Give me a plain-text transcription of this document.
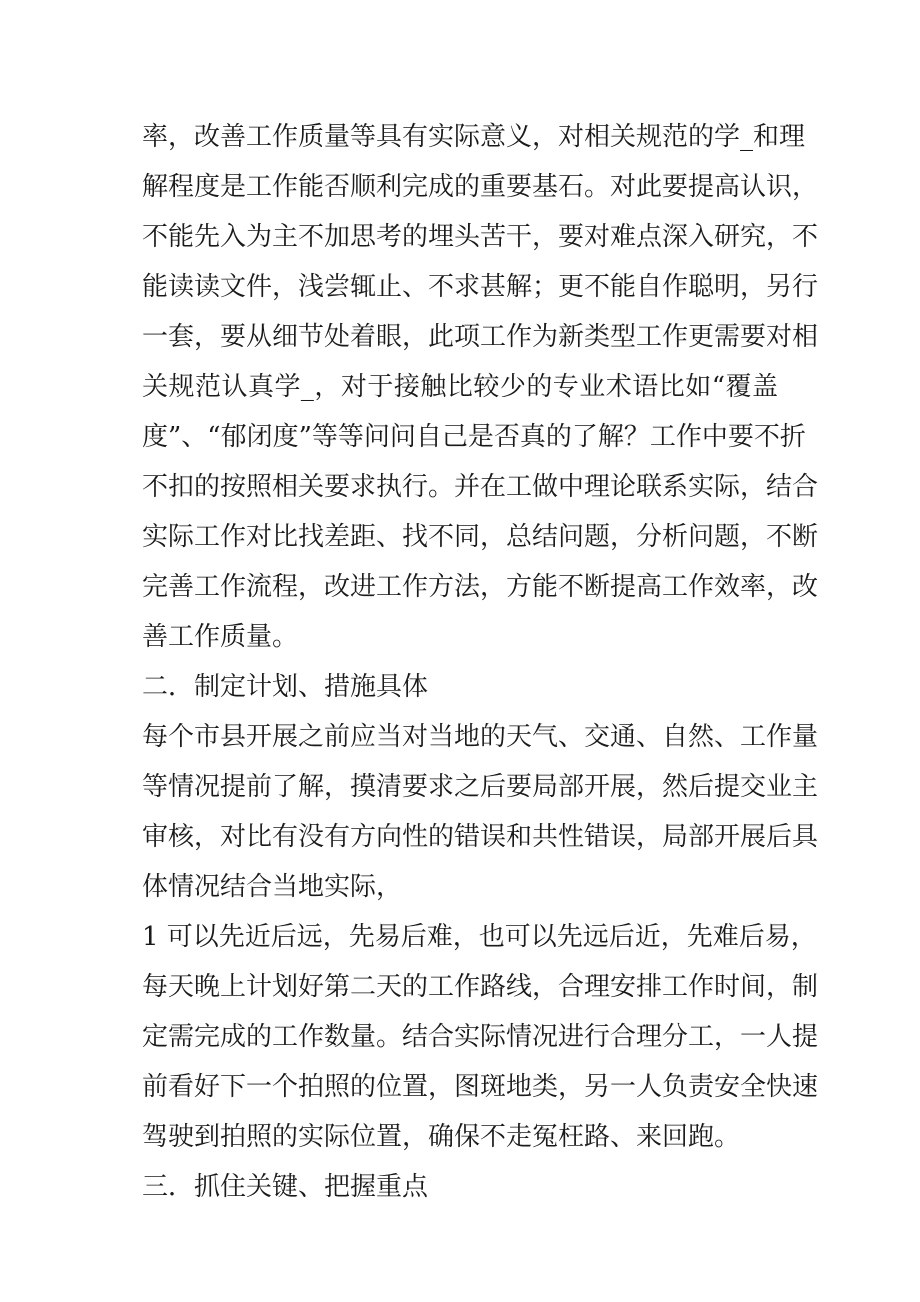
率，改善工作质量等具有实际意义，对相关规范的学_和理
解程度是工作能否顺利完成的重要基石。对此要提高认识，
不能先入为主不加思考的埋头苦干，要对难点深入研究，不
能读读文件，浅尝辄止、不求甚解；更不能自作聪明，另行
一套，要从细节处着眼，此项工作为新类型工作更需要对相
关规范认真学_，对于接触比较少的专业术语比如“覆盖
度”、“郁闭度”等等问问自己是否真的了解？工作中要不折
不扣的按照相关要求执行。并在工做中理论联系实际，结合
实际工作对比找差距、找不同，总结问题，分析问题，不断
完善工作流程，改进工作方法，方能不断提高工作效率，改
善工作质量。
二．制定计划、措施具体
每个市县开展之前应当对当地的天气、交通、自然、工作量
等情况提前了解，摸清要求之后要局部开展，然后提交业主
审核，对比有没有方向性的错误和共性错误，局部开展后具
体情况结合当地实际，
1 可以先近后远，先易后难，也可以先远后近，先难后易，
每天晚上计划好第二天的工作路线，合理安排工作时间，制
定需完成的工作数量。结合实际情况进行合理分工，一人提
前看好下一个拍照的位置，图斑地类，另一人负责安全快速
驾驶到拍照的实际位置，确保不走冤枉路、来回跑。
三．抓住关键、把握重点
